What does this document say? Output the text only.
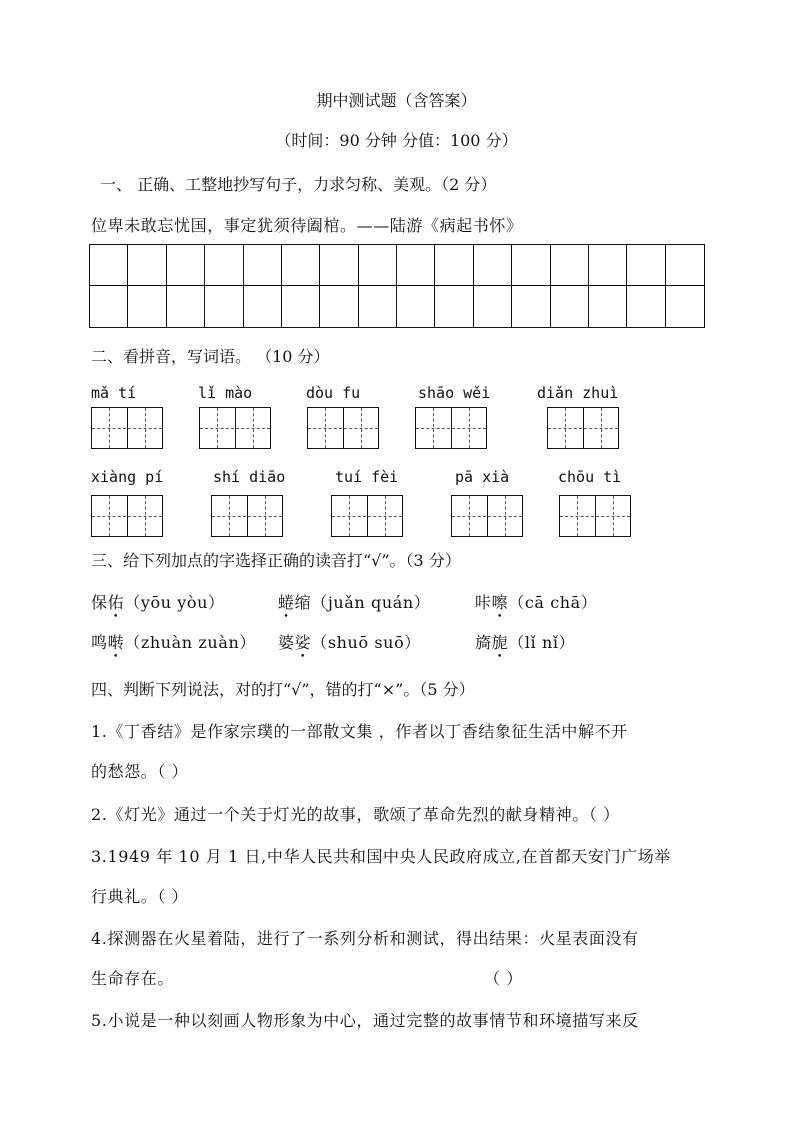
期中测试题（含答案）
（时间：90 分钟 分值：100 分）
一、 正确、工整地抄写句子，力求匀称、美观。（2 分）
位卑未敢忘忧国，事定犹须待阖棺。——陆游《病起书怀》
二、看拼音，写词语。 （10 分）
mǎ tí	lǐ mào	dòu fu	shāo wěi	diǎn zhuì
xiàng pí	shí diāo	tuí fèi	pā xià	chōu tì
三、给下列加点的字选择正确的读音打“√”。（3 分）
保佑（yōu yòu）	蜷缩（juǎn quán）	咔嚓（cā chā）
鸣啭（zhuàn zuàn） 婆娑（shuō suō）	旖旎（lǐ nǐ）
四、判断下列说法，对的打“√”，错的打“×”。（5 分）
1.《丁香结》是作家宗璞的一部散文集 ，作者以丁香结象征生活中解不开
的愁怨。（ ）
2.《灯光》通过一个关于灯光的故事，歌颂了革命先烈的献身精神。（ ）
3.1949 年 10 月 1 日,中华人民共和国中央人民政府成立,在首都天安门广场举
行典礼。（ ）
4.探测器在火星着陆，进行了一系列分析和测试，得出结果：火星表面没有
生命存在。	（ ）
5.小说是一种以刻画人物形象为中心，通过完整的故事情节和环境描写来反
